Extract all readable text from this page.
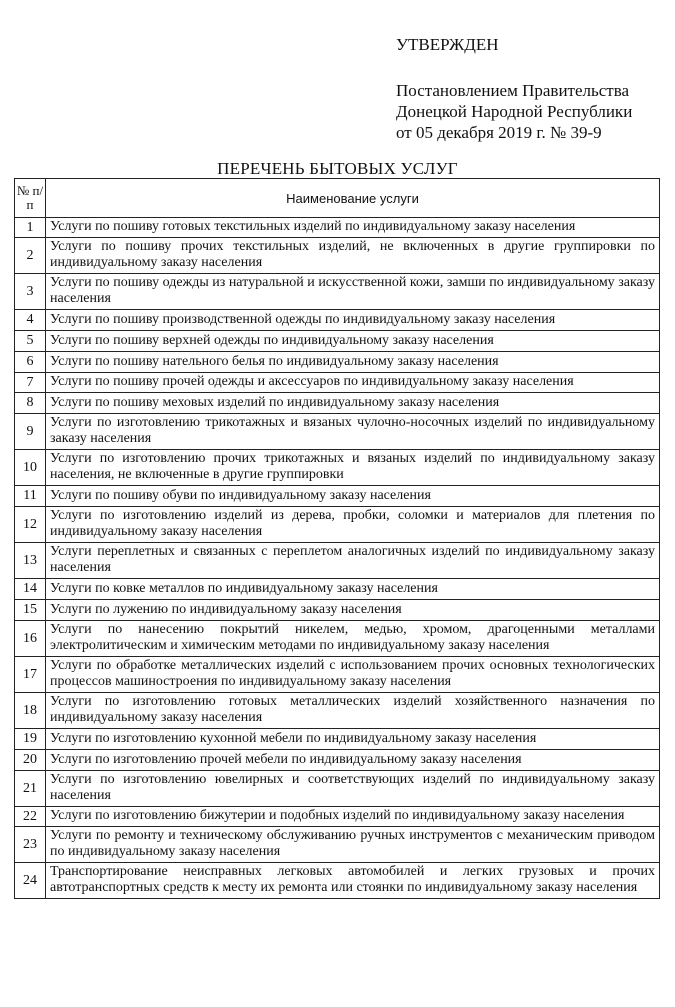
УТВЕРЖДЕН
Постановлением Правительства
Донецкой Народной Республики
от 05 декабря 2019 г. № 39-9
ПЕРЕЧЕНЬ БЫТОВЫХ УСЛУГ
№ п/п	Наименование услуги
1	Услуги по пошиву готовых текстильных изделий по индивидуальному заказу населения
2	Услуги по пошиву прочих текстильных изделий, не включенных в другие группировки по индивидуальному заказу населения
3	Услуги по пошиву одежды из натуральной и искусственной кожи, замши по индивидуальному заказу населения
4	Услуги по пошиву производственной одежды по индивидуальному заказу населения
5	Услуги по пошиву верхней одежды по индивидуальному заказу населения
6	Услуги по пошиву нательного белья по индивидуальному заказу населения
7	Услуги по пошиву прочей одежды и аксессуаров по индивидуальному заказу населения
8	Услуги по пошиву меховых изделий по индивидуальному заказу населения
9	Услуги по изготовлению трикотажных и вязаных чулочно-носочных изделий по индивидуальному заказу населения
10	Услуги по изготовлению прочих трикотажных и вязаных изделий по индивидуальному заказу населения, не включенные в другие группировки
11	Услуги по пошиву обуви по индивидуальному заказу населения
12	Услуги по изготовлению изделий из дерева, пробки, соломки и материалов для плетения по индивидуальному заказу населения
13	Услуги переплетных и связанных с переплетом аналогичных изделий по индивидуальному заказу населения
14	Услуги по ковке металлов по индивидуальному заказу населения
15	Услуги по лужению по индивидуальному заказу населения
16	Услуги по нанесению покрытий никелем, медью, хромом, драгоценными металлами электролитическим и химическим методами по индивидуальному заказу населения
17	Услуги по обработке металлических изделий с использованием прочих основных технологических процессов машиностроения по индивидуальному заказу населения
18	Услуги по изготовлению готовых металлических изделий хозяйственного назначения по индивидуальному заказу населения
19	Услуги по изготовлению кухонной мебели по индивидуальному заказу населения
20	Услуги по изготовлению прочей мебели по индивидуальному заказу населения
21	Услуги по изготовлению ювелирных и соответствующих изделий по индивидуальному заказу населения
22	Услуги по изготовлению бижутерии и подобных изделий по индивидуальному заказу населения
23	Услуги по ремонту и техническому обслуживанию ручных инструментов с механическим приводом по индивидуальному заказу населения
24	Транспортирование неисправных легковых автомобилей и легких грузовых и прочих автотранспортных средств к месту их ремонта или стоянки по индивидуальному заказу населения
